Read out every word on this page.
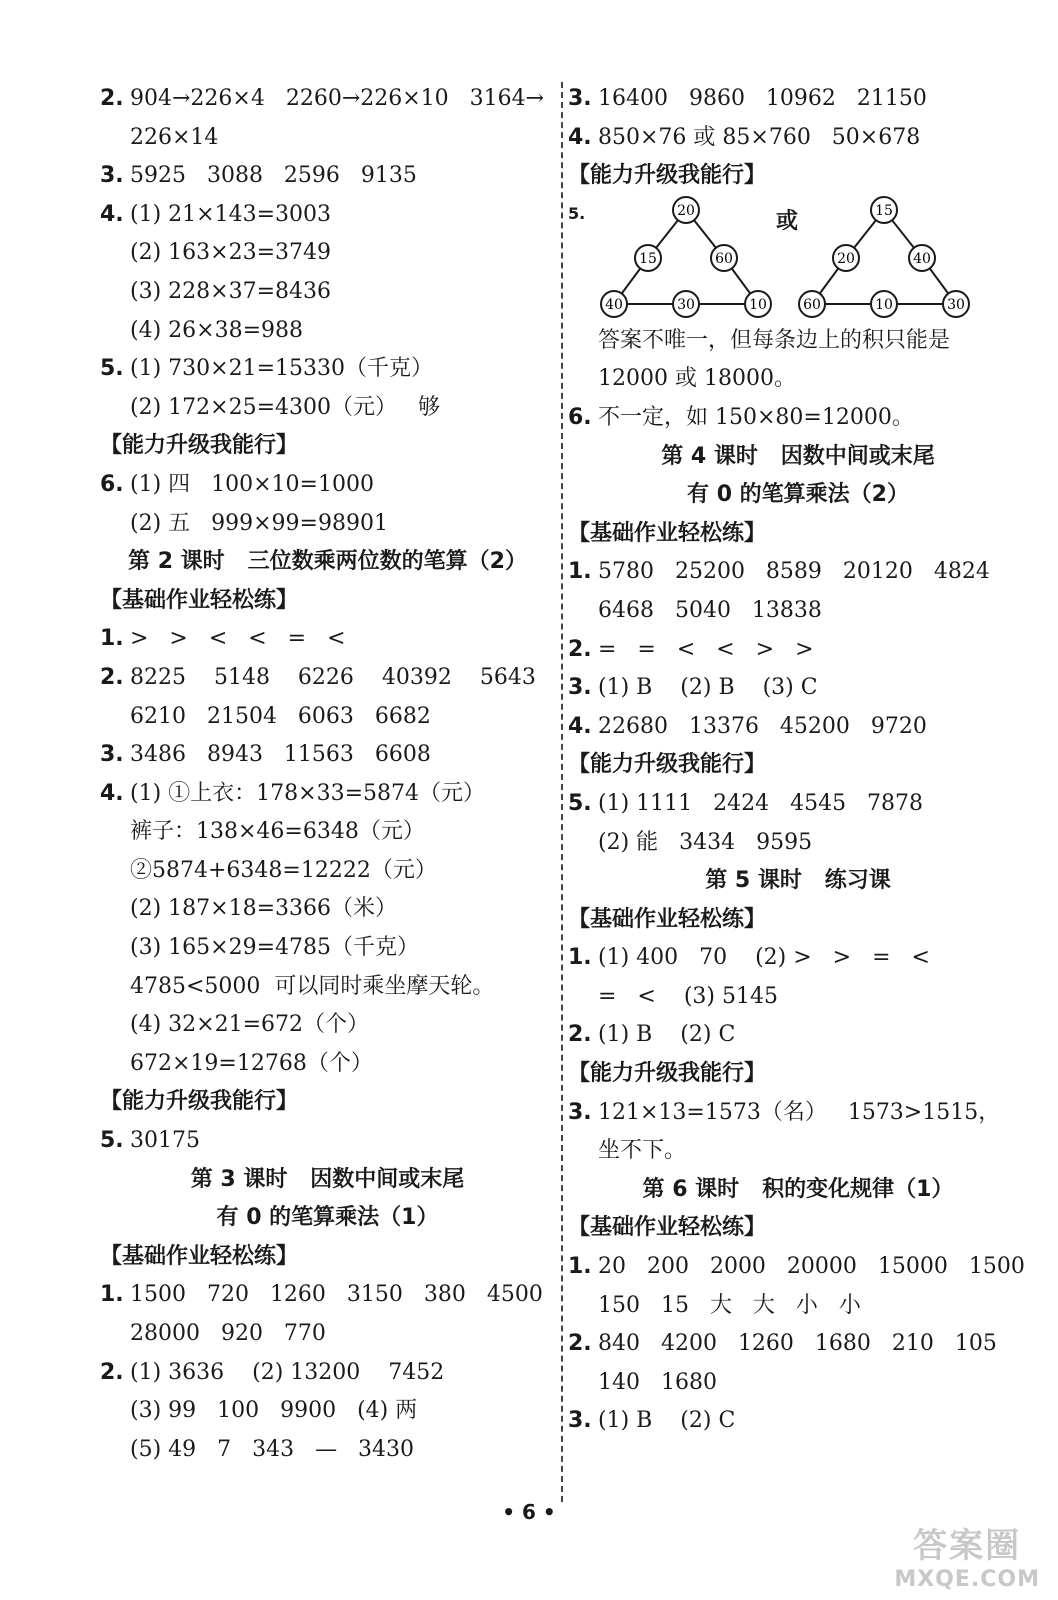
2. 904→226×4   2260→226×10   3164→
226×14
3. 5925   3088   2596   9135
4. (1) 21×143=3003
(2) 163×23=3749
(3) 228×37=8436
(4) 26×38=988
5. (1) 730×21=15330（千克）
(2) 172×25=4300（元）   够
【能力升级我能行】
6. (1) 四   100×10=1000
(2) 五   999×99=98901
第 2 课时   三位数乘两位数的笔算（2）
【基础作业轻松练】
1. >   >   <   <   =   <
2. 8225    5148    6226    40392    5643
6210   21504   6063   6682
3. 3486   8943   11563   6608
4. (1) ①上衣：178×33=5874（元）
裤子：138×46=6348（元）
②5874+6348=12222（元）
(2) 187×18=3366（米）
(3) 165×29=4785（千克）
4785<5000  可以同时乘坐摩天轮。
(4) 32×21=672（个）
672×19=12768（个）
【能力升级我能行】
5. 30175
第 3 课时   因数中间或末尾
有 0 的笔算乘法（1）
【基础作业轻松练】
1. 1500   720   1260   3150   380   4500
28000   920   770
2. (1) 3636    (2) 13200    7452
(3) 99   100   9900   (4) 两
(5) 49   7   343   —   3430
3. 16400   9860   10962   21150
4. 850×76 或 85×760   50×678
【能力升级我能行】
5.	20
15	60
40	30	10
或	15
20	40
60	10	30
答案不唯一，但每条边上的积只能是
12000 或 18000。
6. 不一定，如 150×80=12000。
第 4 课时   因数中间或末尾
有 0 的笔算乘法（2）
【基础作业轻松练】
1. 5780   25200   8589   20120   4824
6468   5040   13838
2. =   =   <   <   >   >
3. (1) B    (2) B    (3) C
4. 22680   13376   45200   9720
【能力升级我能行】
5. (1) 1111   2424   4545   7878
(2) 能   3434   9595
第 5 课时   练习课
【基础作业轻松练】
1. (1) 400   70    (2) >   >   =   <
=   <    (3) 5145
2. (1) B    (2) C
【能力升级我能行】
3. 121×13=1573（名）   1573>1515，
坐不下。
第 6 课时   积的变化规律（1）
【基础作业轻松练】
1. 20   200   2000   20000   15000   1500
150   15   大   大   小   小
2. 840   4200   1260   1680   210   105
140   1680
3. (1) B    (2) C
• 6 •
答案圈
MXQE.COM
